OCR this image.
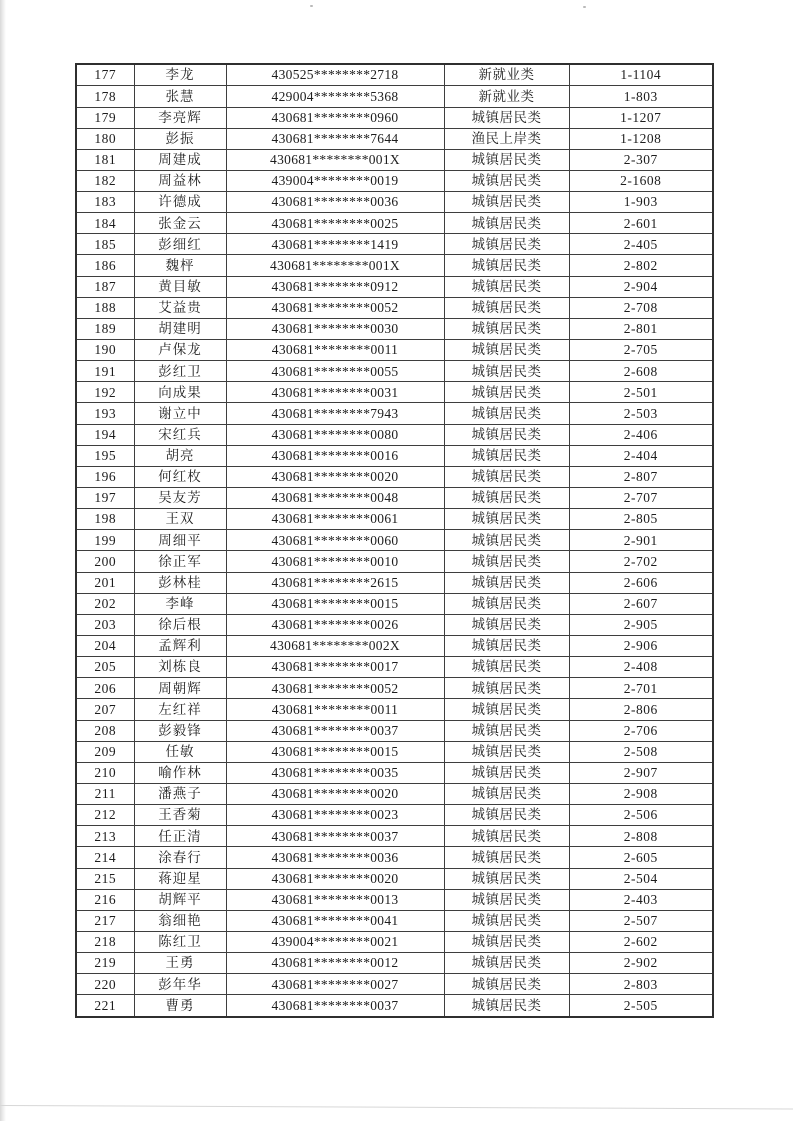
177	李龙	430525********2718	新就业类	1-1104
178	张慧	429004********5368	新就业类	1-803
179	李亮辉	430681********0960	城镇居民类	1-1207
180	彭振	430681********7644	渔民上岸类	1-1208
181	周建成	430681********001X	城镇居民类	2-307
182	周益林	439004********0019	城镇居民类	2-1608
183	许德成	430681********0036	城镇居民类	1-903
184	张金云	430681********0025	城镇居民类	2-601
185	彭细红	430681********1419	城镇居民类	2-405
186	魏枰	430681********001X	城镇居民类	2-802
187	黄目敏	430681********0912	城镇居民类	2-904
188	艾益贵	430681********0052	城镇居民类	2-708
189	胡建明	430681********0030	城镇居民类	2-801
190	卢保龙	430681********0011	城镇居民类	2-705
191	彭红卫	430681********0055	城镇居民类	2-608
192	向成果	430681********0031	城镇居民类	2-501
193	谢立中	430681********7943	城镇居民类	2-503
194	宋红兵	430681********0080	城镇居民类	2-406
195	胡亮	430681********0016	城镇居民类	2-404
196	何红枚	430681********0020	城镇居民类	2-807
197	吴友芳	430681********0048	城镇居民类	2-707
198	王双	430681********0061	城镇居民类	2-805
199	周细平	430681********0060	城镇居民类	2-901
200	徐正军	430681********0010	城镇居民类	2-702
201	彭林桂	430681********2615	城镇居民类	2-606
202	李峰	430681********0015	城镇居民类	2-607
203	徐后根	430681********0026	城镇居民类	2-905
204	孟辉利	430681********002X	城镇居民类	2-906
205	刘栋良	430681********0017	城镇居民类	2-408
206	周朝辉	430681********0052	城镇居民类	2-701
207	左红祥	430681********0011	城镇居民类	2-806
208	彭毅锋	430681********0037	城镇居民类	2-706
209	任敏	430681********0015	城镇居民类	2-508
210	喻作林	430681********0035	城镇居民类	2-907
211	潘燕子	430681********0020	城镇居民类	2-908
212	王香菊	430681********0023	城镇居民类	2-506
213	任正清	430681********0037	城镇居民类	2-808
214	涂春行	430681********0036	城镇居民类	2-605
215	蒋迎星	430681********0020	城镇居民类	2-504
216	胡辉平	430681********0013	城镇居民类	2-403
217	翁细艳	430681********0041	城镇居民类	2-507
218	陈红卫	439004********0021	城镇居民类	2-602
219	王勇	430681********0012	城镇居民类	2-902
220	彭年华	430681********0027	城镇居民类	2-803
221	曹勇	430681********0037	城镇居民类	2-505
